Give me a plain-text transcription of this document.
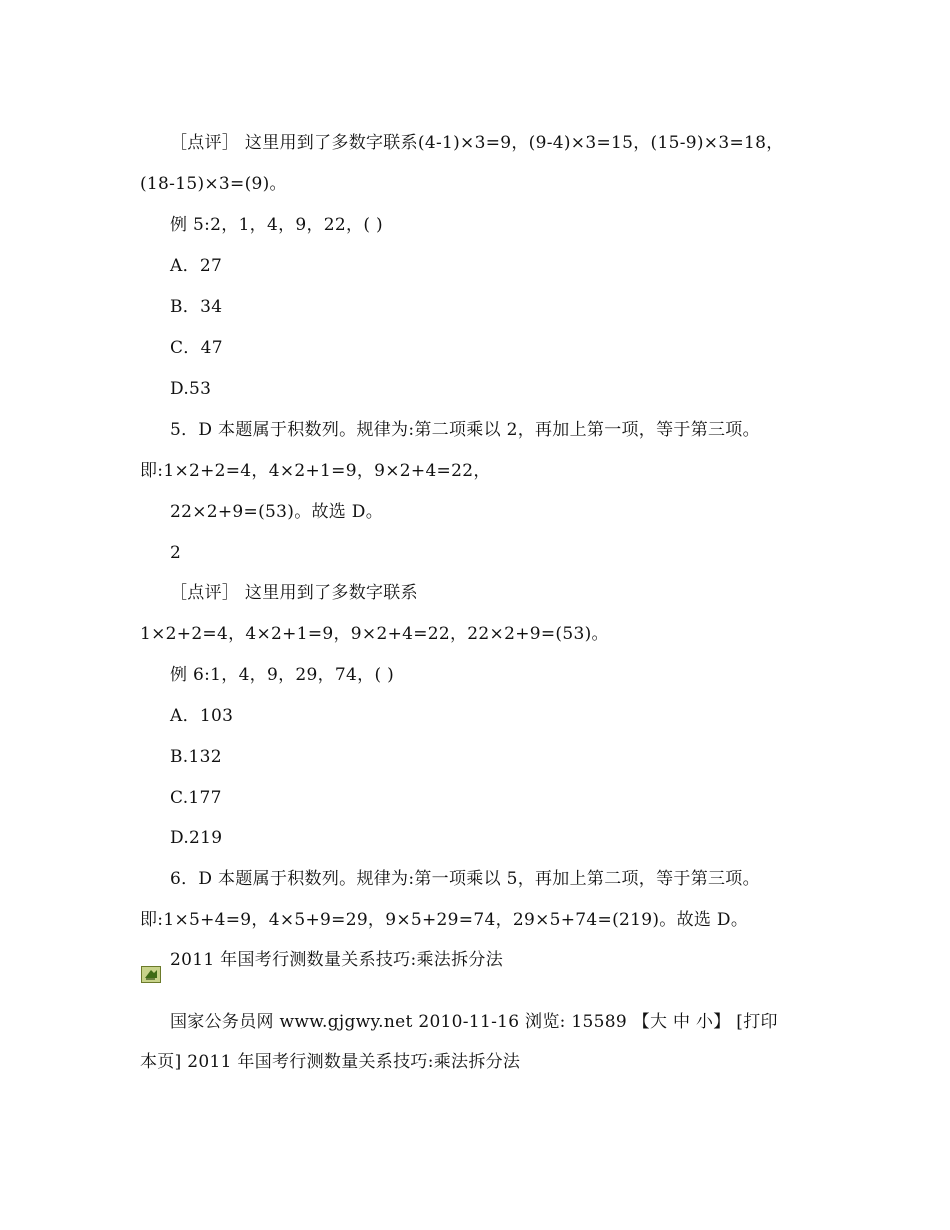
［点评］ 这里用到了多数字联系(4-1)×3=9，(9-4)×3=15，(15-9)×3=18，
(18-15)×3=(9)。
例 5:2，1，4，9，22，( )
A．27
B．34
C．47
D.53
5．D 本题属于积数列。规律为:第二项乘以 2，再加上第一项，等于第三项。
即:1×2+2=4，4×2+1=9，9×2+4=22，
22×2+9=(53)。故选 D。
2
［点评］ 这里用到了多数字联系
1×2+2=4，4×2+1=9，9×2+4=22，22×2+9=(53)。
例 6:1，4，9，29，74，( )
A．103
B.132
C.177
D.219
6．D 本题属于积数列。规律为:第一项乘以 5，再加上第二项，等于第三项。
即:1×5+4=9，4×5+9=29，9×5+29=74，29×5+74=(219)。故选 D。
2011 年国考行测数量关系技巧:乘法拆分法
国家公务员网 www.gjgwy.net 2010-11-16 浏览: 15589 【大 中 小】 [打印
本页] 2011 年国考行测数量关系技巧:乘法拆分法
